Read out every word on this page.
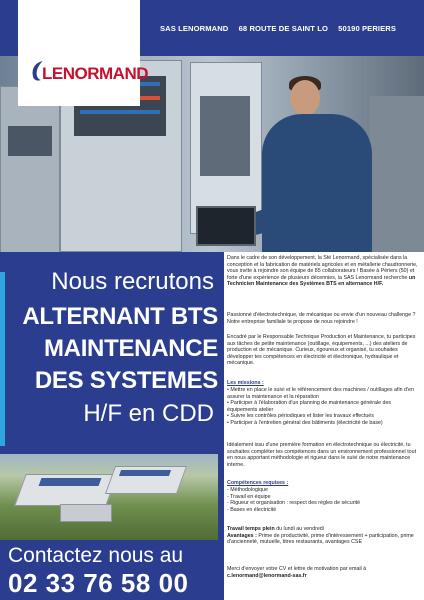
SAS LENORMAND 68 ROUTE DE SAINT LO 50190 PERIERS
LENORMAND
Nous recrutons
ALTERNANT BTS
MAINTENANCE
DES SYSTEMES
H/F en CDD
Contactez nous au
02 33 76 58 00
Dans le cadre de son développement, la Sté Lenormand, spécialisée dans la conception et la fabrication de matériels agricoles et en métallerie chaudronnerie, vous invite à rejoindre son équipe de 85 collaborateurs ! Basée à Périers (50) et forte d'une expérience de plusieurs décennies, la SAS Lenormand recherche un Technicien Maintenance des Systèmes BTS en alternance H/F.
Passionné d'électrotechnique, de mécanique ou envie d'un nouveau challenge ? Notre entreprise familiale te propose de nous rejoindre !
Encadré par le Responsable Technique Production et Maintenance, tu participes aux tâches de petite maintenance (outillage, équipements, ...) des ateliers de production et de mécanique. Curieux, rigoureux et organisé, tu souhaites développer tes compétences en électricité et électronique, hydraulique et mécanique.
Les missions :
• Mettre en place le suivi et le référencement des machines / outillages afin d'en assurer la maintenance et la réparation
• Participer à l'élaboration d'un planning de maintenance générale des équipements atelier
• Suivre les contrôles périodiques et lister les travaux effectués
• Participer à l'entretien général des bâtiments (électricité de base)
Idéalement issu d'une première formation en électrotechnique ou électricité, tu souhaites compléter tes compétences dans un environnement professionnel tout en nous apportant méthodologie et rigueur dans le suivi de notre maintenance interne.
Compétences requises :
- Méthodologique
- Travail en équipe
- Rigueur et organisation : respect des règles de sécurité
- Bases en électricité
Travail temps plein du lundi au vendredi
Avantages : Prime de productivité, prime d'intéressement + participation, prime d'ancienneté, mutuelle, titres restaurants, avantages CSE
Merci d'envoyer votre CV et lettre de motivation par email à c.lenormand@lenormand-sas.fr
